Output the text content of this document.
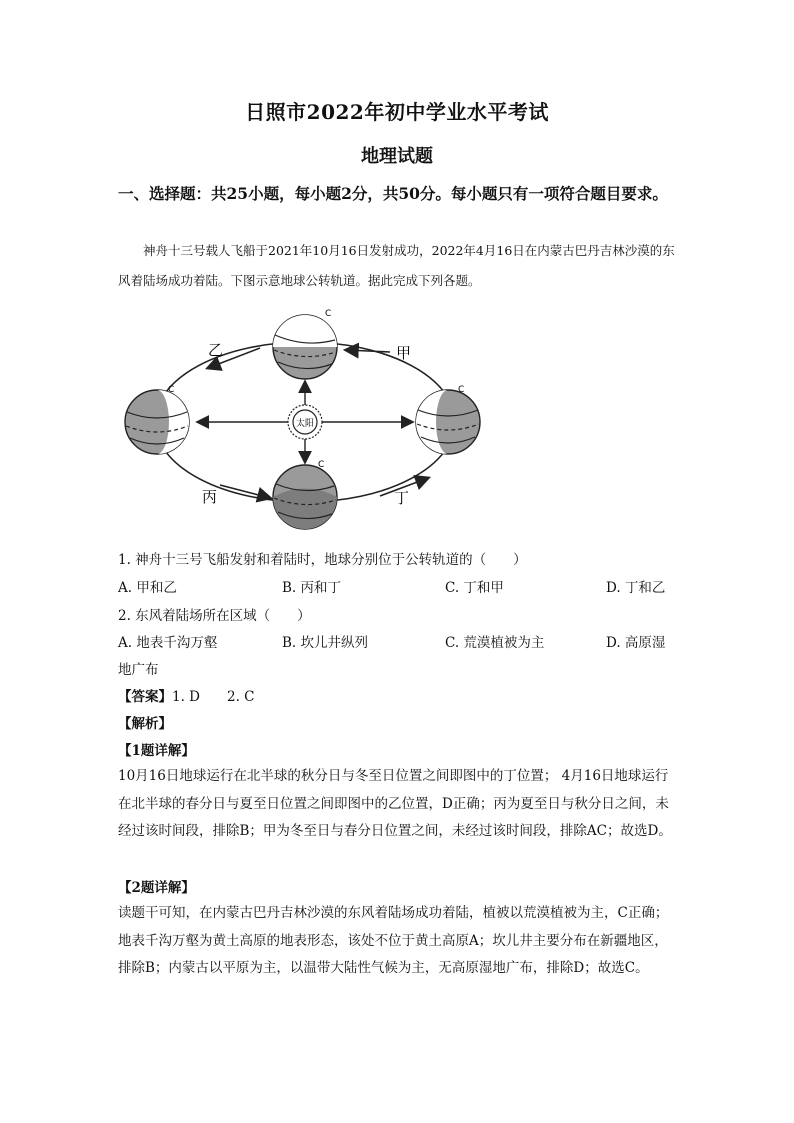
日照市2022年初中学业水平考试
地理试题
一、选择题：共25小题，每小题2分，共50分。每小题只有一项符合题目要求。
神舟十三号载人飞船于2021年10月16日发射成功，2022年4月16日在内蒙古巴丹吉林沙漠的东风着陆场成功着陆。下图示意地球公转轨道。据此完成下列各题。
太阳
C
C	C
C
乙	甲
丙	丁
1. 神舟十三号飞船发射和着陆时，地球分别位于公转轨道的（　　）
A. 甲和乙	B. 丙和丁	C. 丁和甲	D. 丁和乙
2. 东风着陆场所在区域（　　）
A. 地表千沟万壑	B. 坎儿井纵列	C. 荒漠植被为主	D. 高原湿
地广布
【答案】1. D　　2. C
【解析】
【1题详解】
10月16日地球运行在北半球的秋分日与冬至日位置之间即图中的丁位置； 4月16日地球运行在北半球的春分日与夏至日位置之间即图中的乙位置，D正确；丙为夏至日与秋分日之间，未经过该时间段，排除B；甲为冬至日与春分日位置之间，未经过该时间段，排除AC；故选D。
【2题详解】
读题干可知，在内蒙古巴丹吉林沙漠的东风着陆场成功着陆，植被以荒漠植被为主，C正确；地表千沟万壑为黄土高原的地表形态，该处不位于黄土高原A；坎儿井主要分布在新疆地区，排除B；内蒙古以平原为主，以温带大陆性气候为主，无高原湿地广布，排除D；故选C。
